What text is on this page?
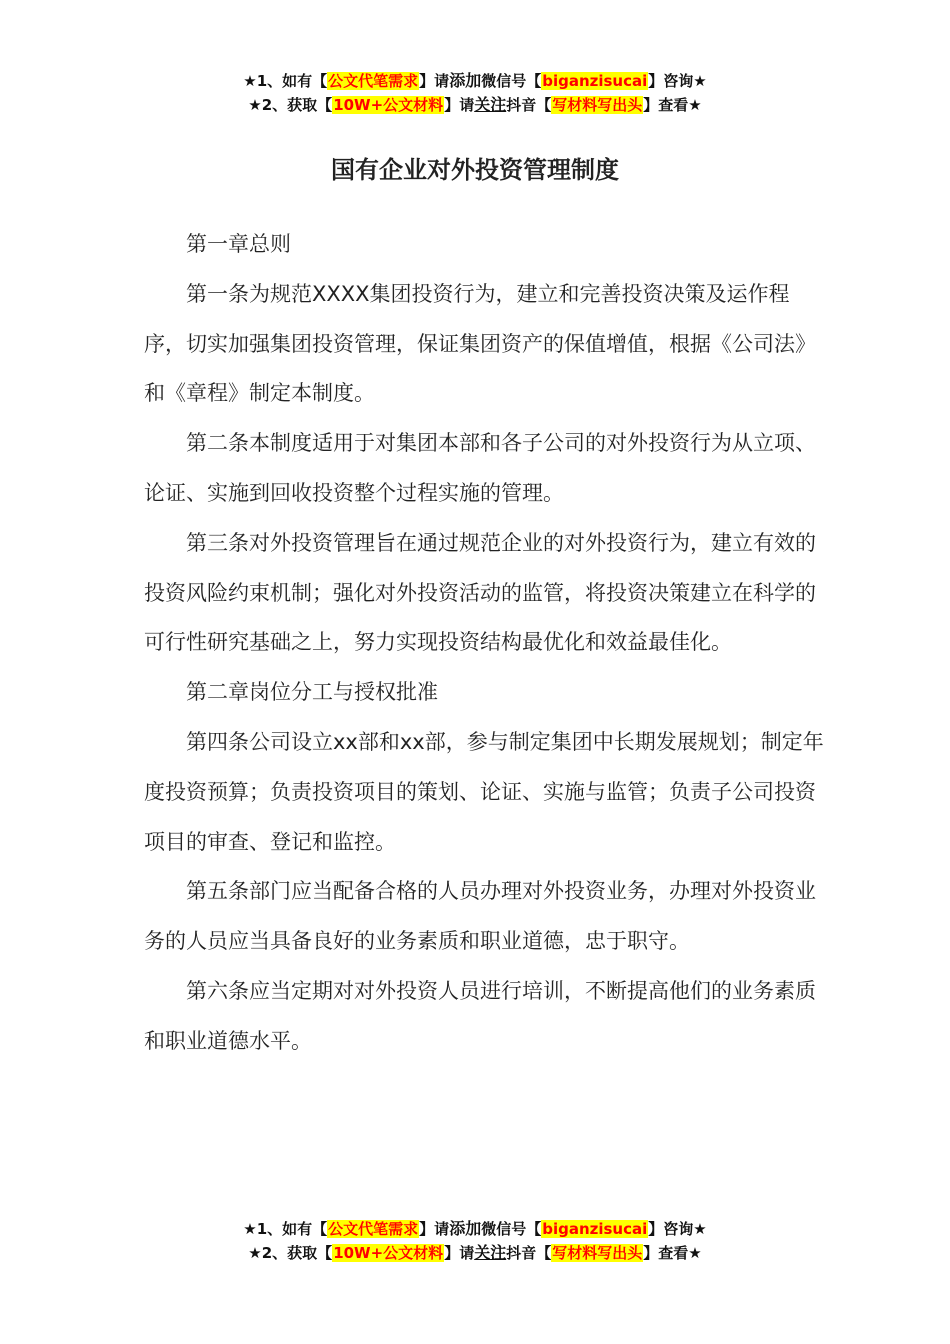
★1、如有【公文代笔需求】请添加微信号【biganzisucai】咨询★
★2、获取【10W+公文材料】请关注抖音【写材料写出头】查看★
国有企业对外投资管理制度

第一章总则

第一条为规范XXXX集团投资行为，建立和完善投资决策及运作程序，切实加强集团投资管理，保证集团资产的保值增值，根据《公司法》和《章程》制定本制度。

第二条本制度适用于对集团本部和各子公司的对外投资行为从立项、论证、实施到回收投资整个过程实施的管理。

第三条对外投资管理旨在通过规范企业的对外投资行为，建立有效的投资风险约束机制；强化对外投资活动的监管，将投资决策建立在科学的可行性研究基础之上，努力实现投资结构最优化和效益最佳化。

第二章岗位分工与授权批准

第四条公司设立xx部和xx部，参与制定集团中长期发展规划；制定年度投资预算；负责投资项目的策划、论证、实施与监管；负责子公司投资项目的审查、登记和监控。

第五条部门应当配备合格的人员办理对外投资业务，办理对外投资业务的人员应当具备良好的业务素质和职业道德，忠于职守。

第六条应当定期对对外投资人员进行培训，不断提高他们的业务素质和职业道德水平。

★1、如有【公文代笔需求】请添加微信号【biganzisucai】咨询★
★2、获取【10W+公文材料】请关注抖音【写材料写出头】查看★
